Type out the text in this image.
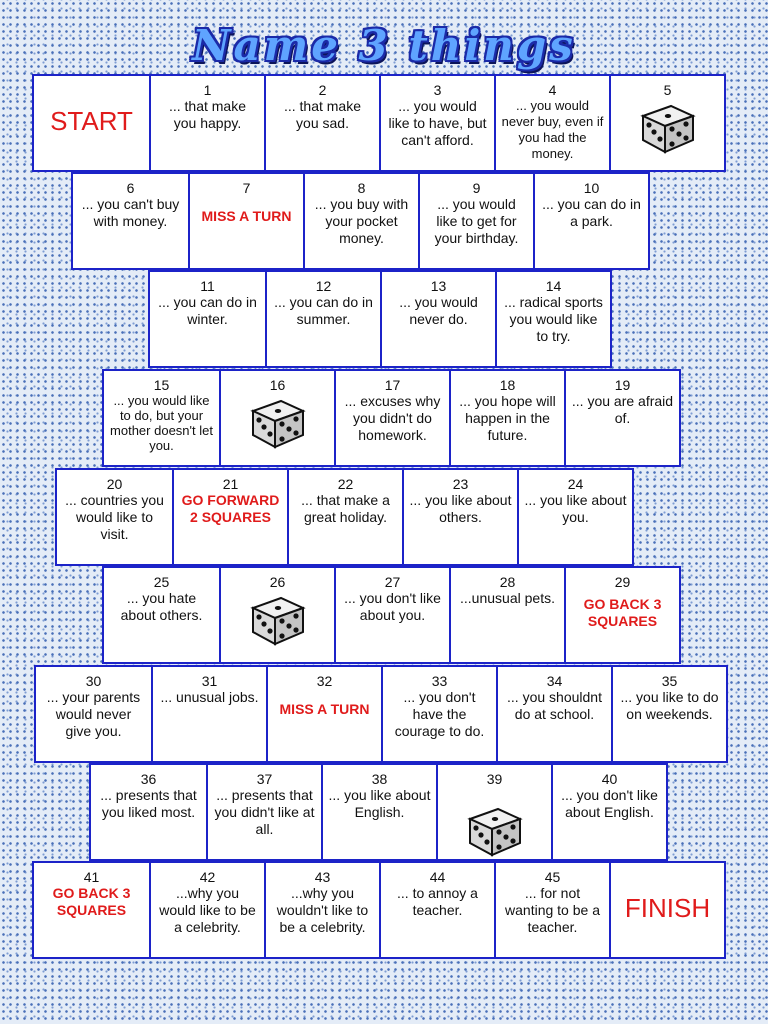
Name 3 things
START
1
... that make you happy.
2
... that make you sad.
3
... you would like to have, but can't afford.
4
... you would never buy, even if you had the money.
5
6
... you can't buy with money.
7
MISS A TURN
8
... you buy with your pocket money.
9
... you would like to get for your birthday.
10
... you can do in a park.
11
... you can do in winter.
12
... you can do in summer.
13
... you would never do.
14
... radical sports you would like to try.
15
... you would like to do, but your mother doesn't let you.
16	17
... excuses why you didn't do homework.
18
... you hope will happen in the future.
19
... you are afraid of.
20
... countries you would like to visit.
21
GO FORWARD 2 SQUARES
22
... that make a great holiday.
23
... you like about others.
24
... you like about you.
25
... you hate about others.
26	27
... you don't like about you.
28
...unusual pets.
29
GO BACK 3 SQUARES
30
... your parents would never give you.
31
... unusual jobs.
32
MISS A TURN
33
... you don't have the courage to do.
34
... you shouldnt do at school.
35
... you like to do on weekends.
36
... presents that you liked most.
37
... presents that you didn't like at all.
38
... you like about English.
39	40
... you don't like about English.
41
GO BACK 3 SQUARES
42
...why you would like to be a celebrity.
43
...why you wouldn't like to be a celebrity.
44
... to annoy a teacher.
45
... for not wanting to be a teacher.
FINISH
